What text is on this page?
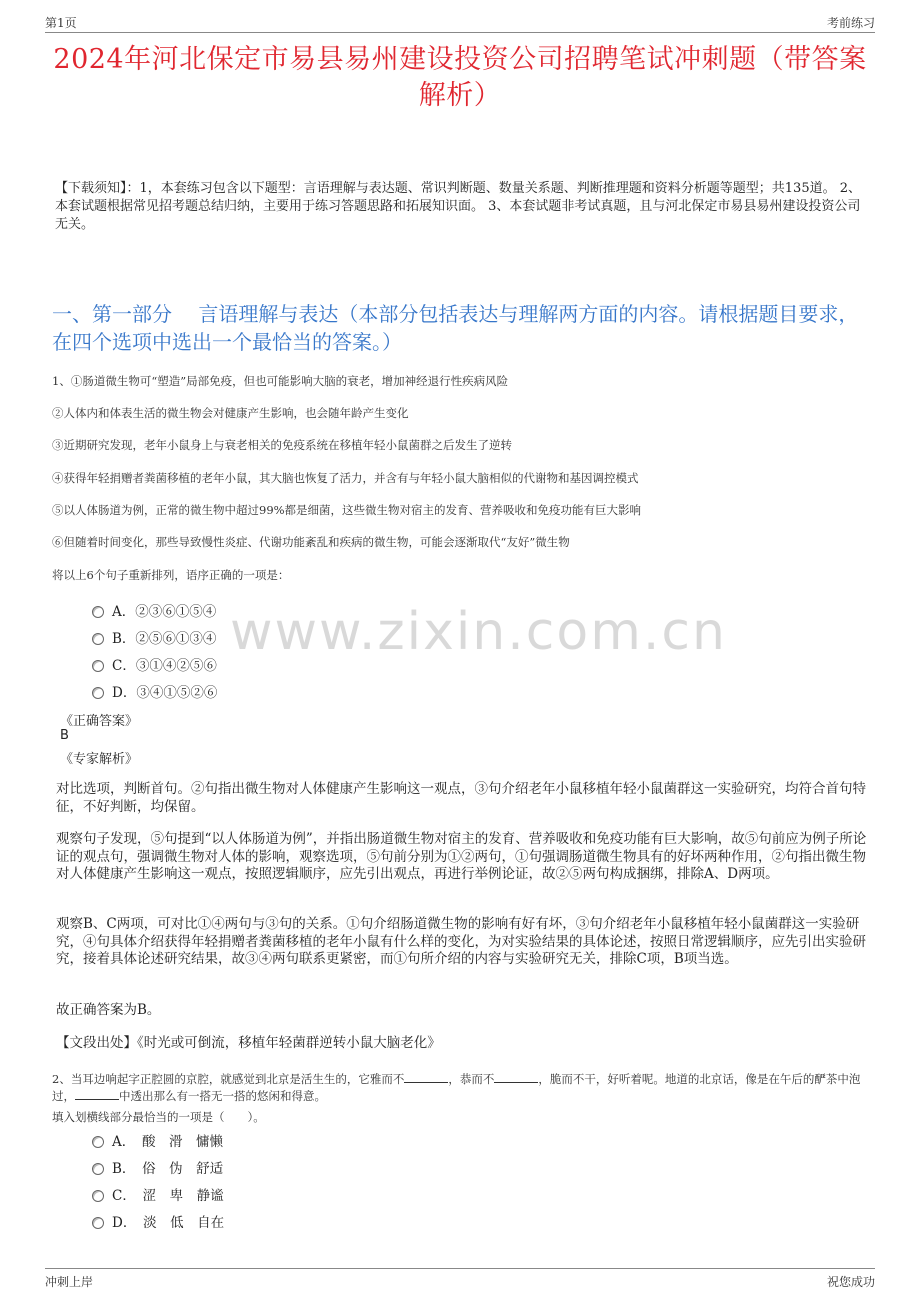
第1页	考前练习
2024年河北保定市易县易州建设投资公司招聘笔试冲刺题（带答案解析）
【下载须知】：1，本套练习包含以下题型：言语理解与表达题、常识判断题、数量关系题、判断推理题和资料分析题等题型；共135道。 2、本套试题根据常见招考题总结归纳，主要用于练习答题思路和拓展知识面。 3、本套试题非考试真题，且与河北保定市易县易州建设投资公司无关。
一、第一部分　 言语理解与表达（本部分包括表达与理解两方面的内容。请根据题目要求，在四个选项中选出一个最恰当的答案。）
1、①肠道微生物可“塑造”局部免疫，但也可能影响大脑的衰老，增加神经退行性疾病风险
②人体内和体表生活的微生物会对健康产生影响，也会随年龄产生变化
③近期研究发现，老年小鼠身上与衰老相关的免疫系统在移植年轻小鼠菌群之后发生了逆转
④获得年轻捐赠者粪菌移植的老年小鼠，其大脑也恢复了活力，并含有与年轻小鼠大脑相似的代谢物和基因调控模式
⑤以人体肠道为例，正常的微生物中超过99%都是细菌，这些微生物对宿主的发育、营养吸收和免疫功能有巨大影响
⑥但随着时间变化，那些导致慢性炎症、代谢功能紊乱和疾病的微生物，可能会逐渐取代“友好”微生物
将以上6个句子重新排列，语序正确的一项是：
www.zixin.com.cn
A．②③⑥①⑤④
B．②⑤⑥①③④
C．③①④②⑤⑥
D．③④①⑤②⑥
《正确答案》
B
《专家解析》
对比选项，判断首句。②句指出微生物对人体健康产生影响这一观点，③句介绍老年小鼠移植年轻小鼠菌群这一实验研究，均符合首句特征，不好判断，均保留。
观察句子发现，⑤句提到“以人体肠道为例”，并指出肠道微生物对宿主的发育、营养吸收和免疫功能有巨大影响，故⑤句前应为例子所论证的观点句，强调微生物对人体的影响，观察选项，⑤句前分别为①②两句，①句强调肠道微生物具有的好坏两种作用，②句指出微生物对人体健康产生影响这一观点，按照逻辑顺序，应先引出观点，再进行举例论证，故②⑤两句构成捆绑，排除A、D两项。
观察B、C两项，可对比①④两句与③句的关系。①句介绍肠道微生物的影响有好有坏，③句介绍老年小鼠移植年轻小鼠菌群这一实验研究，④句具体介绍获得年轻捐赠者粪菌移植的老年小鼠有什么样的变化，为对实验结果的具体论述，按照日常逻辑顺序，应先引出实验研究，接着具体论述研究结果，故③④两句联系更紧密，而①句所介绍的内容与实验研究无关，排除C项，B项当选。
故正确答案为B。
【文段出处】《时光或可倒流，移植年轻菌群逆转小鼠大脑老化》
2、当耳边响起字正腔圆的京腔，就感觉到北京是活生生的，它雅而不	，恭而不	，脆而不干，好听着呢。地道的北京话，像是在午后的酽茶中泡过，	中透出那么有一搭无一搭的悠闲和得意。
填入划横线部分最恰当的一项是（　　）。
A．　酸　滑　慵懒
B．　俗　伪　舒适
C．　涩　卑　静谧
D．　淡　低　自在
冲刺上岸	祝您成功
